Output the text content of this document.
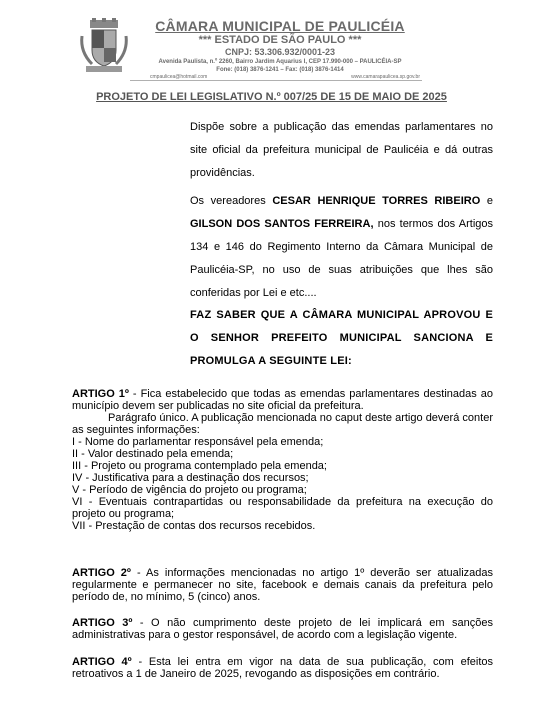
CÂMARA MUNICIPAL DE PAULICÉIA
*** ESTADO DE SÃO PAULO ***
CNPJ: 53.306.932/0001-23
Avenida Paulista, n.º 2260, Bairro Jardim Aquarius I, CEP 17.990-000 – PAULICÉIA-SP
Fone: (018) 3876-1241 – Fax: (018) 3876-1414
cmpaulicea@hotmail.com	www.camarapaulicea.sp.gov.br
PROJETO DE LEI LEGISLATIVO N.º 007/25 DE 15 DE MAIO DE 2025
Dispõe sobre a publicação das emendas parlamentares no site oficial da prefeitura municipal de Paulicéia e dá outras providências.
Os vereadores CESAR HENRIQUE TORRES RIBEIRO e GILSON DOS SANTOS FERREIRA, nos termos dos Artigos 134 e 146 do Regimento Interno da Câmara Municipal de Paulicéia-SP, no uso de suas atribuições que lhes são conferidas por Lei e etc....
FAZ SABER QUE A CÂMARA MUNICIPAL APROVOU E O SENHOR PREFEITO MUNICIPAL SANCIONA E PROMULGA A SEGUINTE LEI:
ARTIGO 1º - Fica estabelecido que todas as emendas parlamentares destinadas ao município devem ser publicadas no site oficial da prefeitura.
Parágrafo único. A publicação mencionada no caput deste artigo deverá conter as seguintes informações:
I - Nome do parlamentar responsável pela emenda;
II - Valor destinado pela emenda;
III - Projeto ou programa contemplado pela emenda;
IV - Justificativa para a destinação dos recursos;
V - Período de vigência do projeto ou programa;
VI - Eventuais contrapartidas ou responsabilidade da prefeitura na execução do projeto ou programa;
VII - Prestação de contas dos recursos recebidos.
ARTIGO 2º - As informações mencionadas no artigo 1º deverão ser atualizadas regularmente e permanecer no site, facebook e demais canais da prefeitura pelo período de, no mínimo, 5 (cinco) anos.
ARTIGO 3º - O não cumprimento deste projeto de lei implicará em sanções administrativas para o gestor responsável, de acordo com a legislação vigente.
ARTIGO 4º - Esta lei entra em vigor na data de sua publicação, com efeitos retroativos a 1 de Janeiro de 2025, revogando as disposições em contrário.
